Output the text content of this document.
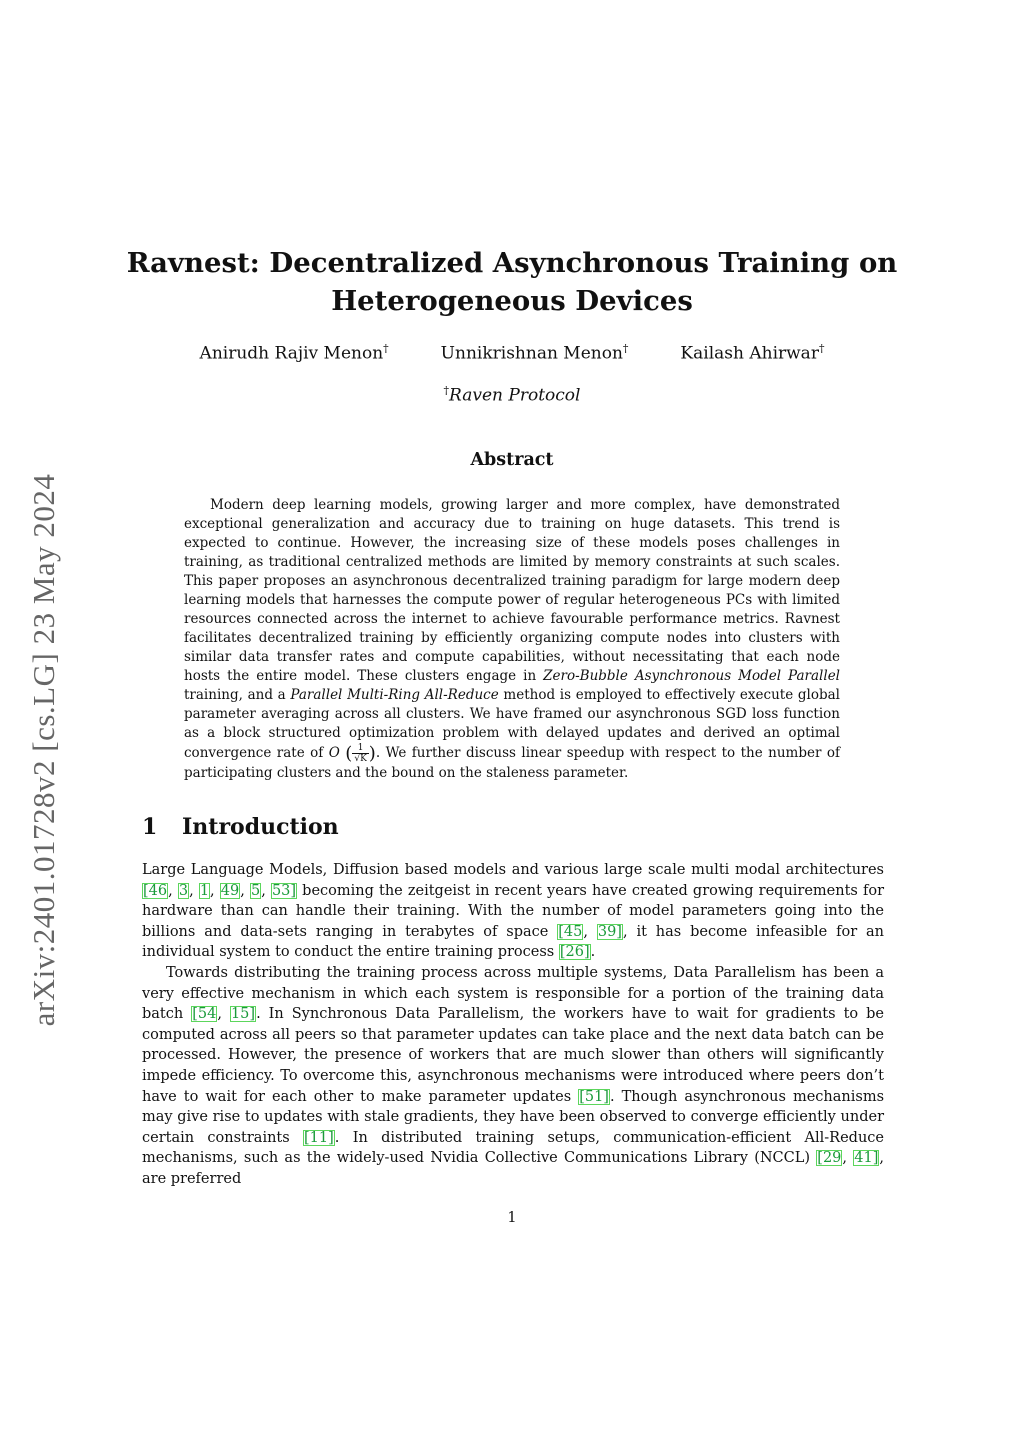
arXiv:2401.01728v2 [cs.LG] 23 May 2024
Ravnest: Decentralized Asynchronous Training on
Heterogeneous Devices
Anirudh Rajiv Menon†	Unnikrishnan Menon†	Kailash Ahirwar†
†Raven Protocol
Abstract

Modern deep learning models, growing larger and more complex, have demonstrated exceptional generalization and accuracy due to training on huge datasets. This trend is expected to continue. However, the increasing size of these models poses challenges in training, as traditional centralized methods are limited by memory constraints at such scales. This paper proposes an asynchronous decentralized training paradigm for large modern deep learning models that harnesses the compute power of regular heterogeneous PCs with limited resources connected across the internet to achieve favourable performance metrics. Ravnest facilitates decentralized training by efficiently organizing compute nodes into clusters with similar data transfer rates and compute capabilities, without necessitating that each node hosts the entire model. These clusters engage in Zero-Bubble Asynchronous Model Parallel training, and a Parallel Multi-Ring All-Reduce method is employed to effectively execute global parameter averaging across all clusters. We have framed our asynchronous SGD loss function as a block structured optimization problem with delayed updates and derived an optimal convergence rate of O ( $\frac{1}{√K}$ ). We further discuss linear speedup with respect to the number of participating clusters and the bound on the staleness parameter.

1 Introduction

Large Language Models, Diffusion based models and various large scale multi modal architectures [46, 3, 1, 49, 5, 53] becoming the zeitgeist in recent years have created growing requirements for hardware than can handle their training. With the number of model parameters going into the billions and data-sets ranging in terabytes of space [45, 39], it has become infeasible for an individual system to conduct the entire training process [26].

Towards distributing the training process across multiple systems, Data Parallelism has been a very effective mechanism in which each system is responsible for a portion of the training data batch [54, 15]. In Synchronous Data Parallelism, the workers have to wait for gradients to be computed across all peers so that parameter updates can take place and the next data batch can be processed. However, the presence of workers that are much slower than others will significantly impede efficiency. To overcome this, asynchronous mechanisms were introduced where peers don’t have to wait for each other to make parameter updates [51]. Though asynchronous mechanisms may give rise to updates with stale gradients, they have been observed to converge efficiently under certain constraints [11]. In distributed training setups, communication-efficient All-Reduce mechanisms, such as the widely-used Nvidia Collective Communications Library (NCCL) [29, 41], are preferred

1
